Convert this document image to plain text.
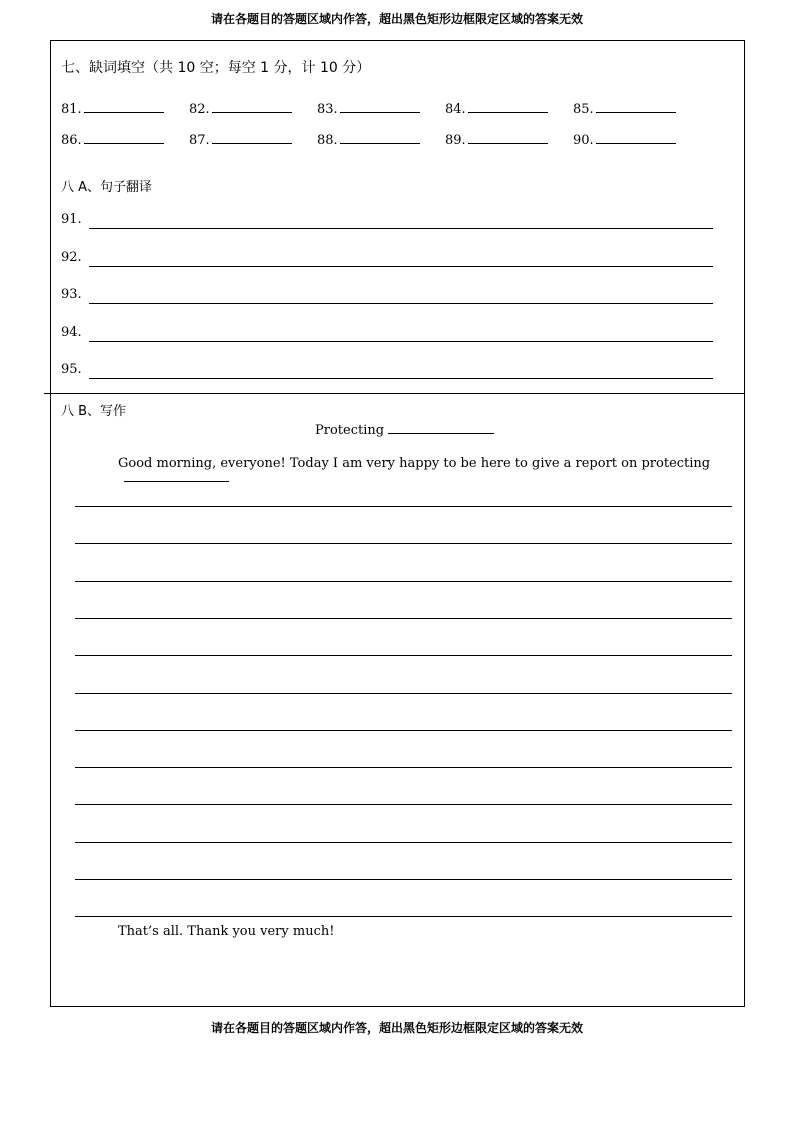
请在各题目的答题区域内作答，超出黑色矩形边框限定区域的答案无效
七、缺词填空（共 10 空；每空 1 分，计 10 分）
81.	82.	83.	84.	85.
86.	87.	88.	89.	90.
八 A、句子翻译
91.
92.
93.
94.
95.
八 B、写作
Protecting
Good morning, everyone! Today I am very happy to be here to give a report on protecting
That’s all. Thank you very much!
请在各题目的答题区域内作答，超出黑色矩形边框限定区域的答案无效
